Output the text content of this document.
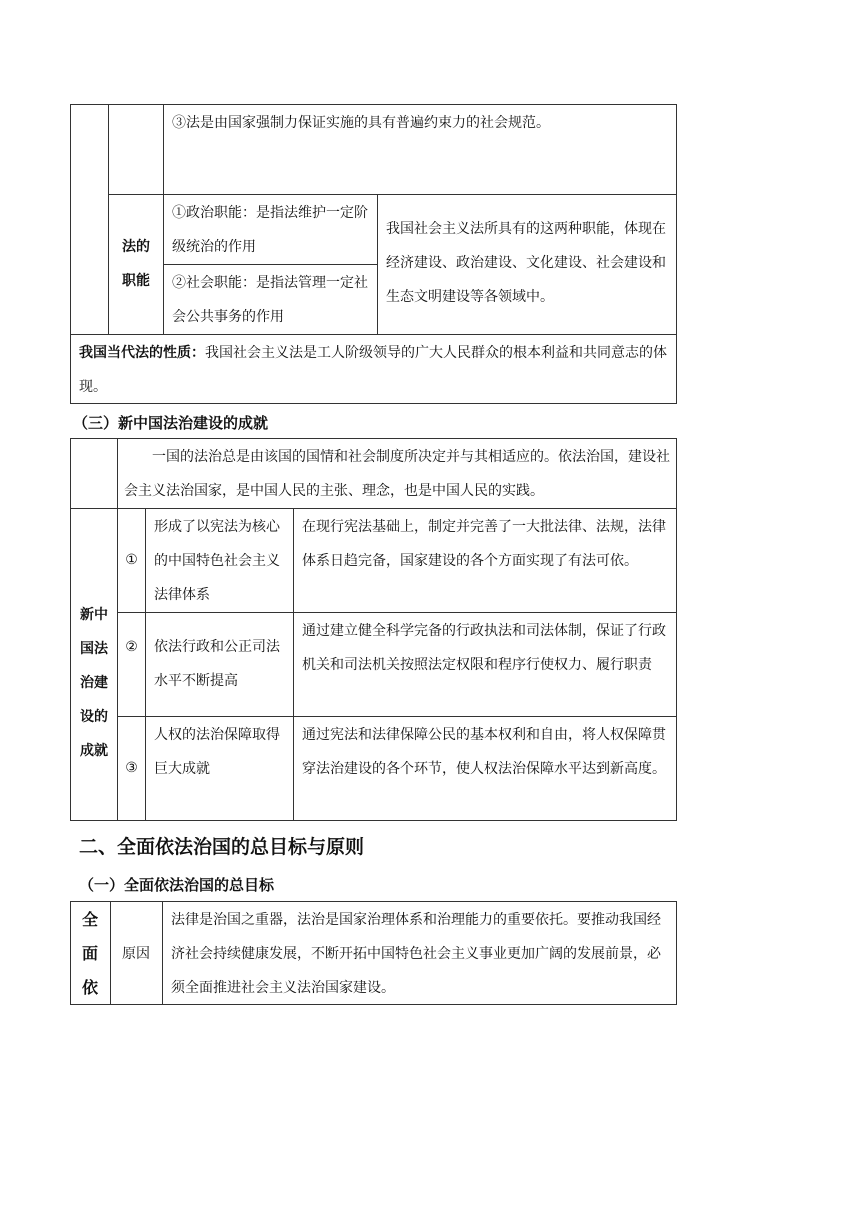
③法是由国家强制力保证实施的具有普遍约束力的社会规范。
法的职能
①政治职能：是指法维护一定阶级统治的作用
②社会职能：是指法管理一定社会公共事务的作用
我国社会主义法所具有的这两种职能，体现在经济建设、政治建设、文化建设、社会建设和生态文明建设等各领域中。
我国当代法的性质：我国社会主义法是工人阶级领导的广大人民群众的根本利益和共同意志的体现。
（三）新中国法治建设的成就
一国的法治总是由该国的国情和社会制度所决定并与其相适应的。依法治国，建设社会主义法治国家，是中国人民的主张、理念，也是中国人民的实践。
新中国法治建设的成就
①
形成了以宪法为核心的中国特色社会主义法律体系
在现行宪法基础上，制定并完善了一大批法律、法规，法律体系日趋完备，国家建设的各个方面实现了有法可依。
②	依法行政和公正司法水平不断提高
通过建立健全科学完备的行政执法和司法体制，保证了行政机关和司法机关按照法定权限和程序行使权力、履行职责
③
人权的法治保障取得巨大成就
通过宪法和法律保障公民的基本权利和自由，将人权保障贯穿法治建设的各个环节，使人权法治保障水平达到新高度。
二、全面依法治国的总目标与原则
（一）全面依法治国的总目标
全面依
原因
法律是治国之重器，法治是国家治理体系和治理能力的重要依托。要推动我国经济社会持续健康发展，不断开拓中国特色社会主义事业更加广阔的发展前景，必须全面推进社会主义法治国家建设。
